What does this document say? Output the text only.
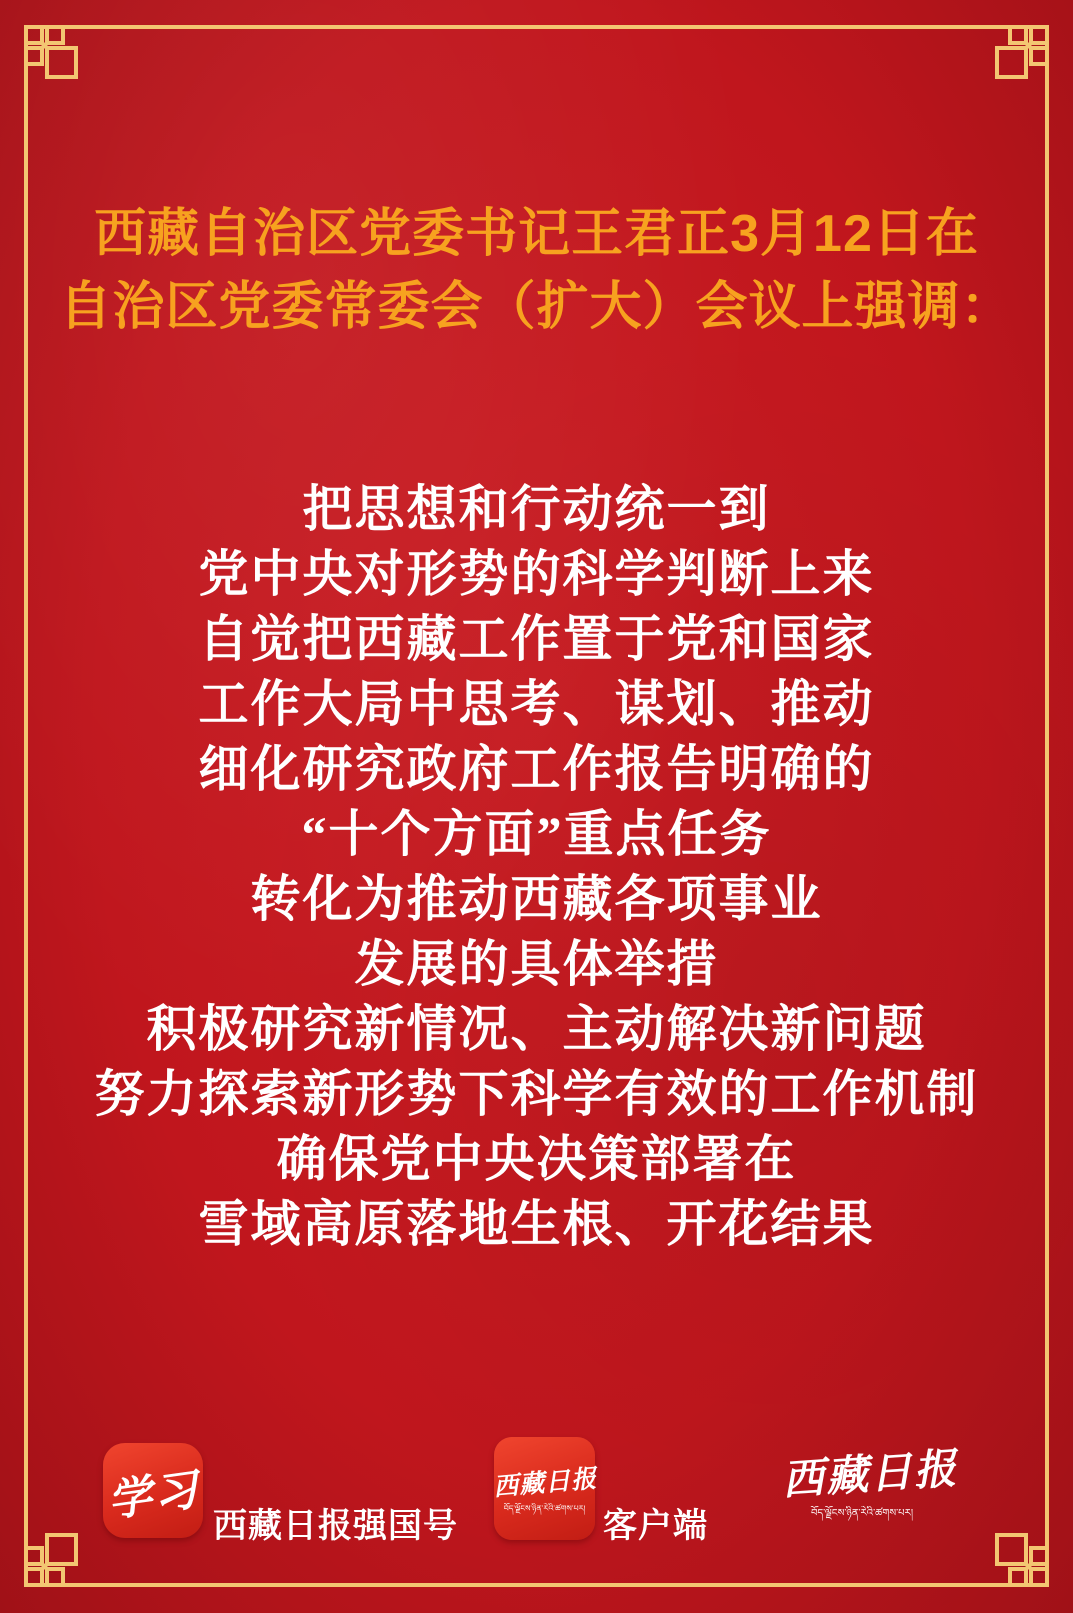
西藏自治区党委书记王君正3月12日在
自治区党委常委会（扩大）会议上强调：
把思想和行动统一到
党中央对形势的科学判断上来
自觉把西藏工作置于党和国家
工作大局中思考、谋划、推动
细化研究政府工作报告明确的
“十个方面”重点任务
转化为推动西藏各项事业
发展的具体举措
积极研究新情况、主动解决新问题
努力探索新形势下科学有效的工作机制
确保党中央决策部署在
雪域高原落地生根、开花结果
学习
西藏日报强国号
西藏日报
བོད་ལྗོངས་ཉིན་རེའི་ཚགས་པར། 客户端
西藏日报
བོད་ལྗོངས་ཉིན་རེའི་ཚགས་པར།
